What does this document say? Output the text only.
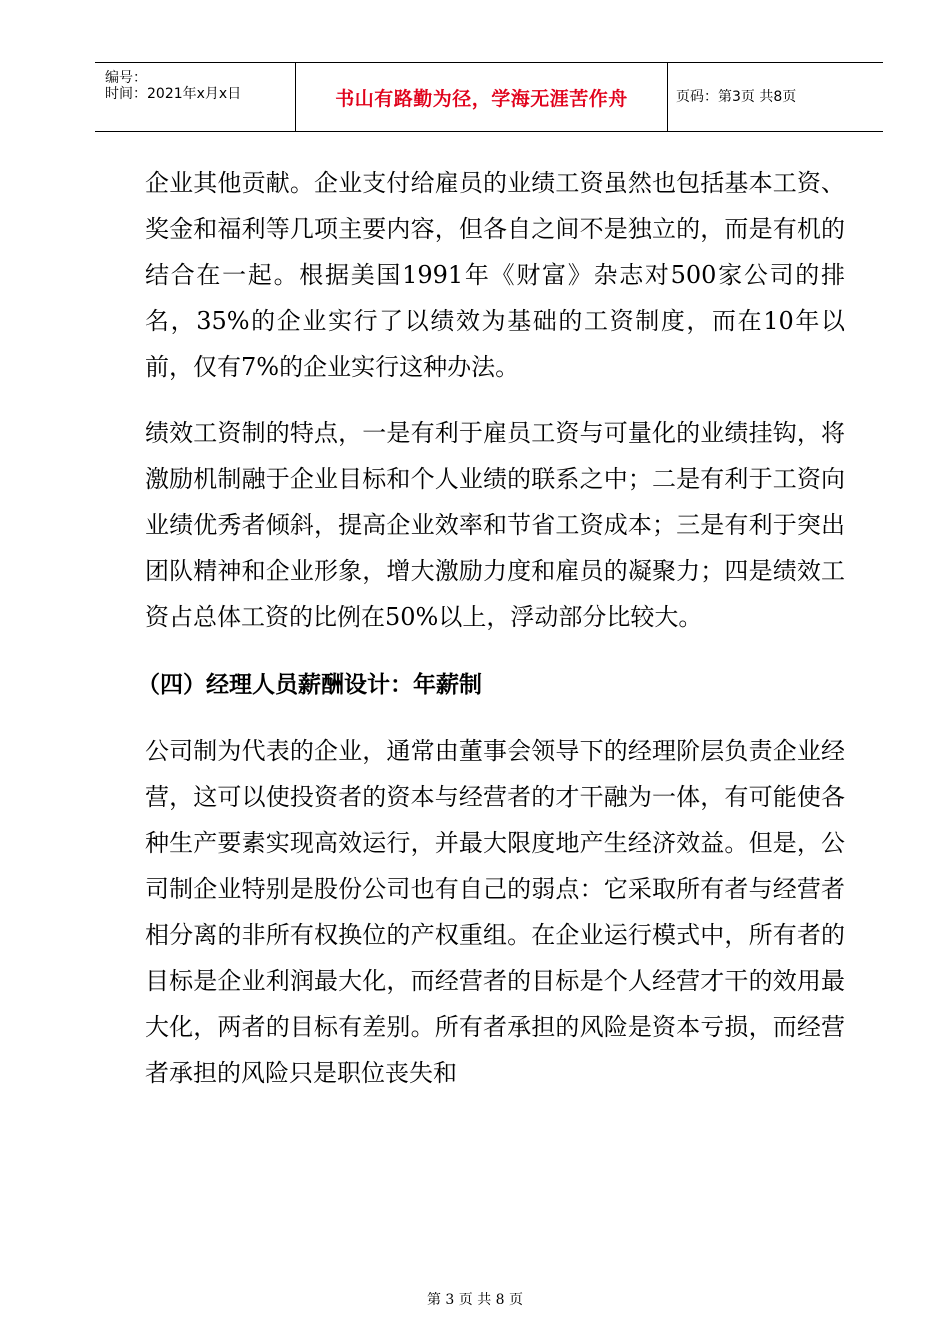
编号：
时间：2021年x月x日	书山有路勤为径，学海无涯苦作舟	页码：第3页 共8页

企业其他贡献。企业支付给雇员的业绩工资虽然也包括基本工资、奖金和福利等几项主要内容，但各自之间不是独立的，而是有机的结合在一起。根据美国1991年《财富》杂志对500家公司的排名，35%的企业实行了以绩效为基础的工资制度，而在10年以前，仅有7%的企业实行这种办法。

绩效工资制的特点，一是有利于雇员工资与可量化的业绩挂钩，将激励机制融于企业目标和个人业绩的联系之中；二是有利于工资向业绩优秀者倾斜，提高企业效率和节省工资成本；三是有利于突出团队精神和企业形象，增大激励力度和雇员的凝聚力；四是绩效工资占总体工资的比例在50%以上，浮动部分比较大。

（四）经理人员薪酬设计：年薪制

公司制为代表的企业，通常由董事会领导下的经理阶层负责企业经营，这可以使投资者的资本与经营者的才干融为一体，有可能使各种生产要素实现高效运行，并最大限度地产生经济效益。但是，公司制企业特别是股份公司也有自己的弱点：它采取所有者与经营者相分离的非所有权换位的产权重组。在企业运行模式中，所有者的目标是企业利润最大化，而经营者的目标是个人经营才干的效用最大化，两者的目标有差别。所有者承担的风险是资本亏损，而经营者承担的风险只是职位丧失和

第 3 页 共 8 页
